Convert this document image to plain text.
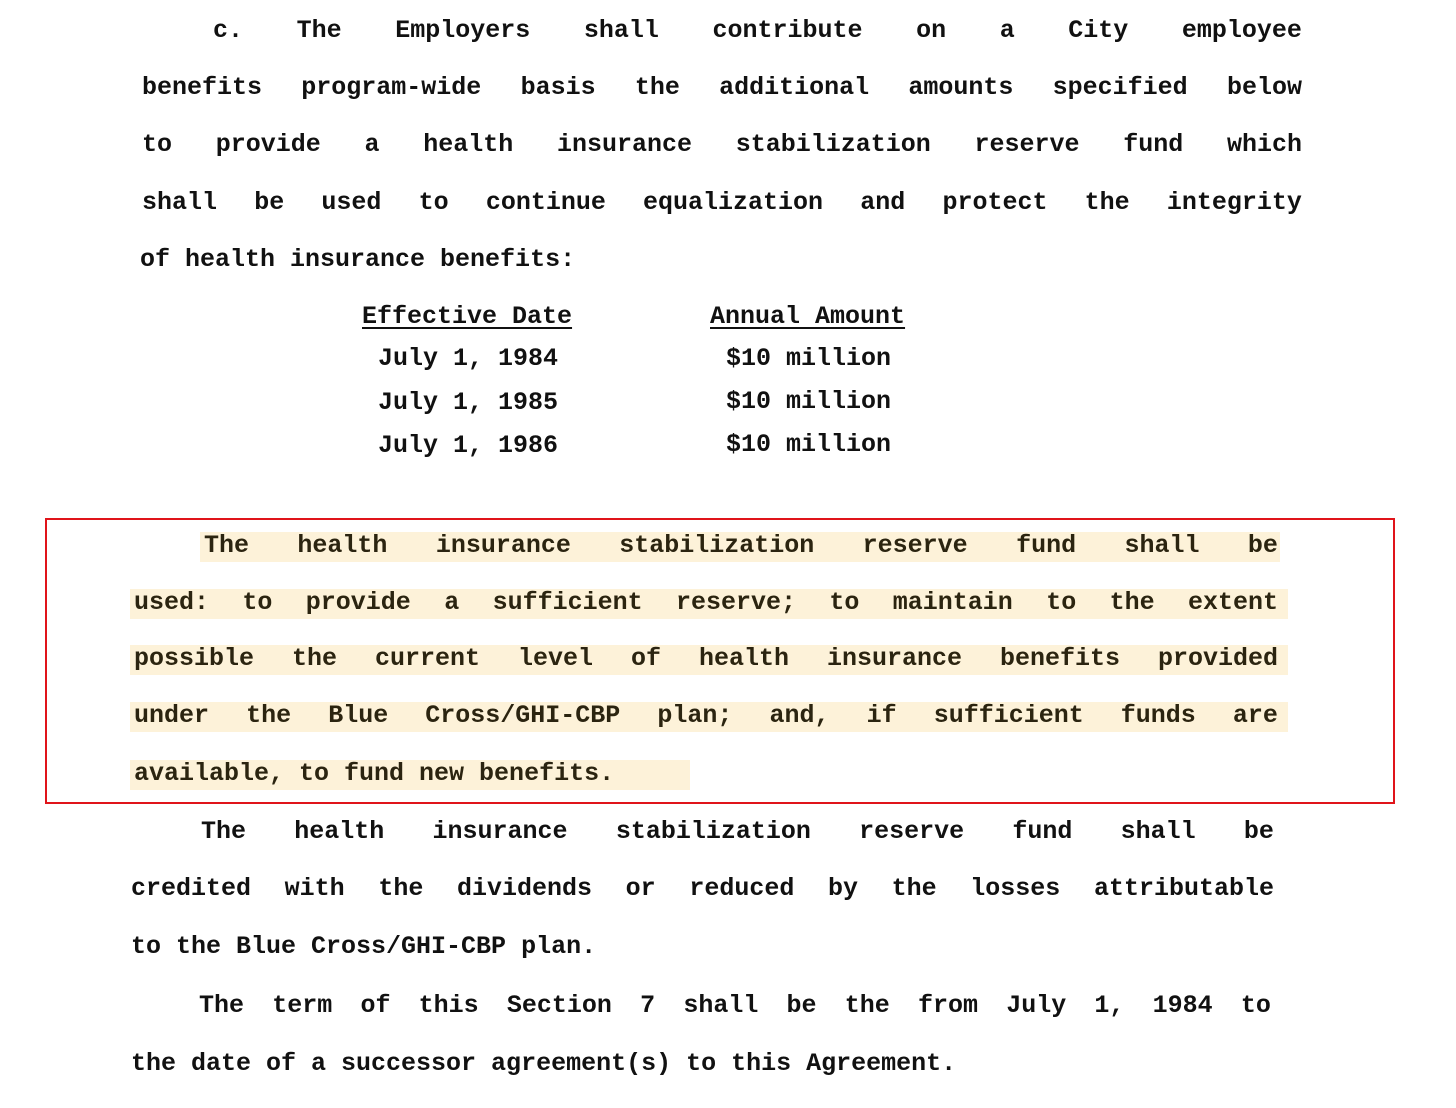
c. The Employers shall contribute on a City employee
benefits program-wide basis the additional amounts specified below
to provide a health insurance stabilization reserve fund which
shall be used to continue equalization and protect the integrity
of health insurance benefits:
Effective Date	Annual Amount
July 1, 1984	$10 million
July 1, 1985	$10 million
July 1, 1986	$10 million
The health insurance stabilization reserve fund shall be
used: to provide a sufficient reserve; to maintain to the extent
possible the current level of health insurance benefits provided
under the Blue Cross/GHI-CBP plan; and, if sufficient funds are
available, to fund new benefits.
The health insurance stabilization reserve fund shall be
credited with the dividends or reduced by the losses attributable
to the Blue Cross/GHI-CBP plan.
The term of this Section 7 shall be the from July 1, 1984 to
the date of a successor agreement(s) to this Agreement.
